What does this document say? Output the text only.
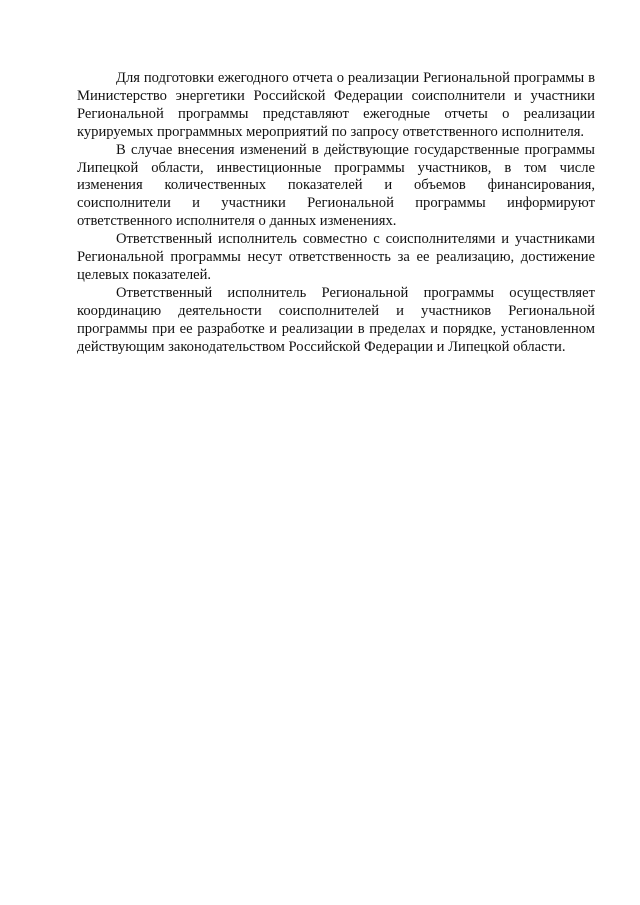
Для подготовки ежегодного отчета о реализации Региональной программы в Министерство энергетики Российской Федерации соисполнители и участники Региональной программы представляют ежегодные отчеты о реализации курируемых программных мероприятий по запросу ответственного исполнителя.

В случае внесения изменений в действующие государственные программы Липецкой области, инвестиционные программы участников, в том числе изменения количественных показателей и объемов финансирования, соисполнители и участники Региональной программы информируют ответственного исполнителя о данных изменениях.

Ответственный исполнитель совместно с соисполнителями и участниками Региональной программы несут ответственность за ее реализацию, достижение целевых показателей.

Ответственный исполнитель Региональной программы осуществляет координацию деятельности соисполнителей и участников Региональной программы при ее разработке и реализации в пределах и порядке, установленном действующим законодательством Российской Федерации и Липецкой области.
